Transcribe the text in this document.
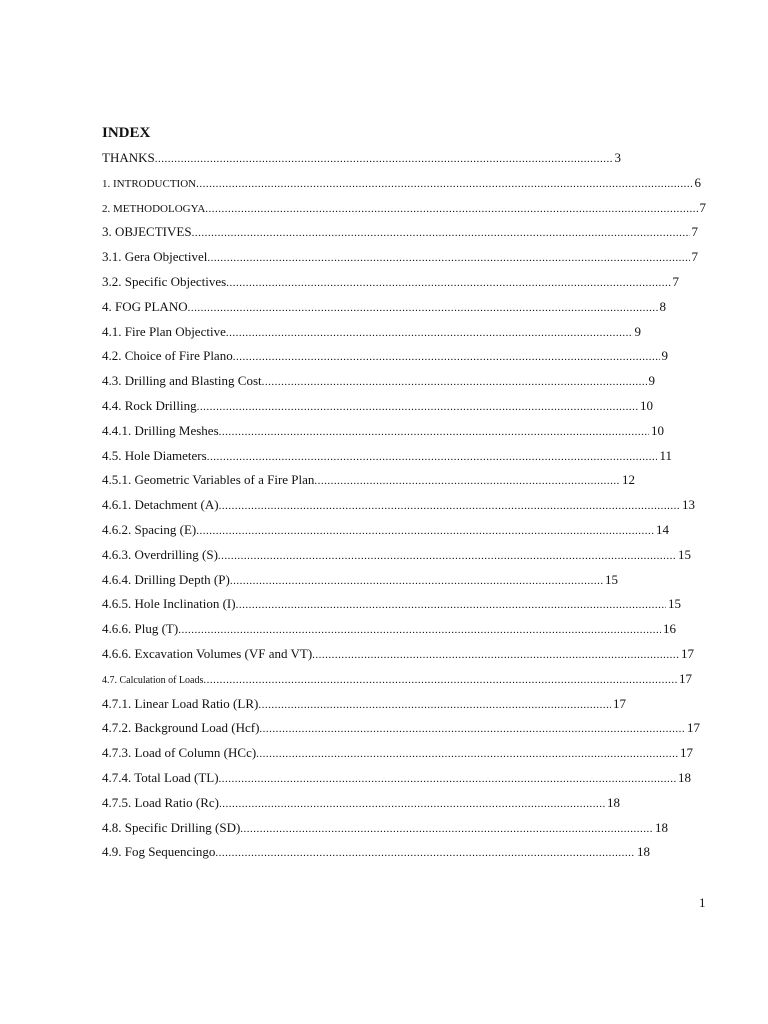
INDEX
THANKS .....	3
1. INTRODUCTION .....	6
2. METHODOLOGYA .....	7
3. OBJECTIVES .....	7
3.1. Gera Objectivel .....	7
3.2. Specific Objectives .....	7
4. FOG PLANO .....	8
4.1. Fire Plan Objective .....	9
4.2. Choice of Fire Plano .....	9
4.3. Drilling and Blasting Cost .....	9
4.4. Rock Drilling .....	10
4.4.1. Drilling Meshes .....	10
4.5. Hole Diameters .....	11
4.5.1. Geometric Variables of a Fire Plan .....	12
4.6.1. Detachment (A) .....	13
4.6.2. Spacing (E) .....	14
4.6.3. Overdrilling (S) .....	15
4.6.4. Drilling Depth (P) .....	15
4.6.5. Hole Inclination (I) .....	15
4.6.6. Plug (T) .....	16
4.6.6. Excavation Volumes (VF and VT) .....	17
4.7. Calculation of Loads .....	17
4.7.1. Linear Load Ratio (LR) .....	17
4.7.2. Background Load (Hcf) .....	17
4.7.3. Load of Column (HCc) .....	17
4.7.4. Total Load (TL) .....	18
4.7.5. Load Ratio (Rc) .....	18
4.8. Specific Drilling (SD) .....	18
4.9. Fog Sequencingo .....	18
1
